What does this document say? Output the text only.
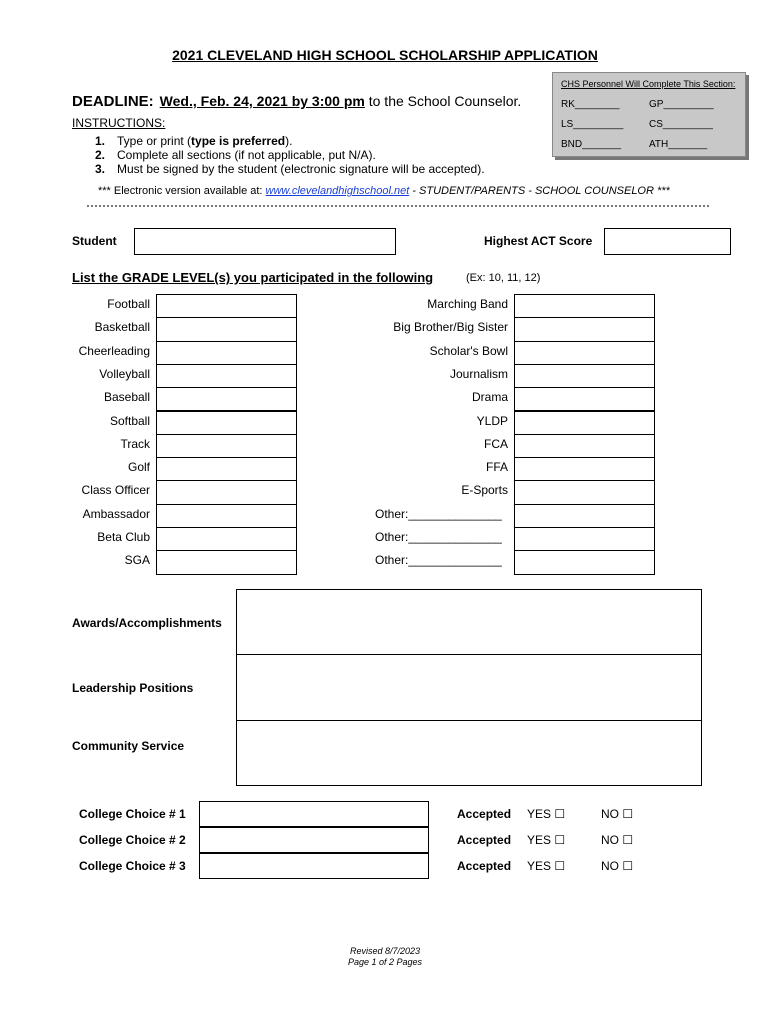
2021 CLEVELAND HIGH SCHOOL SCHOLARSHIP APPLICATION
DEADLINE: Wed., Feb. 24, 2021 by 3:00 pm to the School Counselor.
INSTRUCTIONS:
1. Type or print (type is preferred).
2. Complete all sections (if not applicable, put N/A).
3. Must be signed by the student (electronic signature will be accepted).
*** Electronic version available at: www.clevelandhighschool.net - STUDENT/PARENTS - SCHOOL COUNSELOR ***
CHS Personnel Will Complete This Section:
RK________	GP_________
LS_________	CS_________
BND_______	ATH_______
Student	Highest ACT Score
List the GRADE LEVEL(s) you participated in the following	(Ex: 10, 11, 12)
Football
Basketball
Cheerleading
Volleyball
Baseball
Softball
Track
Golf
Class Officer
Ambassador
Beta Club
SGA
Marching Band
Big Brother/Big Sister
Scholar's Bowl
Journalism
Drama
YLDP
FCA
FFA
E-Sports
Other:______________
Other:______________
Other:______________
Awards/Accomplishments
Leadership Positions
Community Service
College Choice # 1	Accepted YES ☐	NO ☐
College Choice # 2	Accepted YES ☐	NO ☐
College Choice # 3	Accepted YES ☐	NO ☐
Revised 8/7/2023
Page 1 of 2 Pages
